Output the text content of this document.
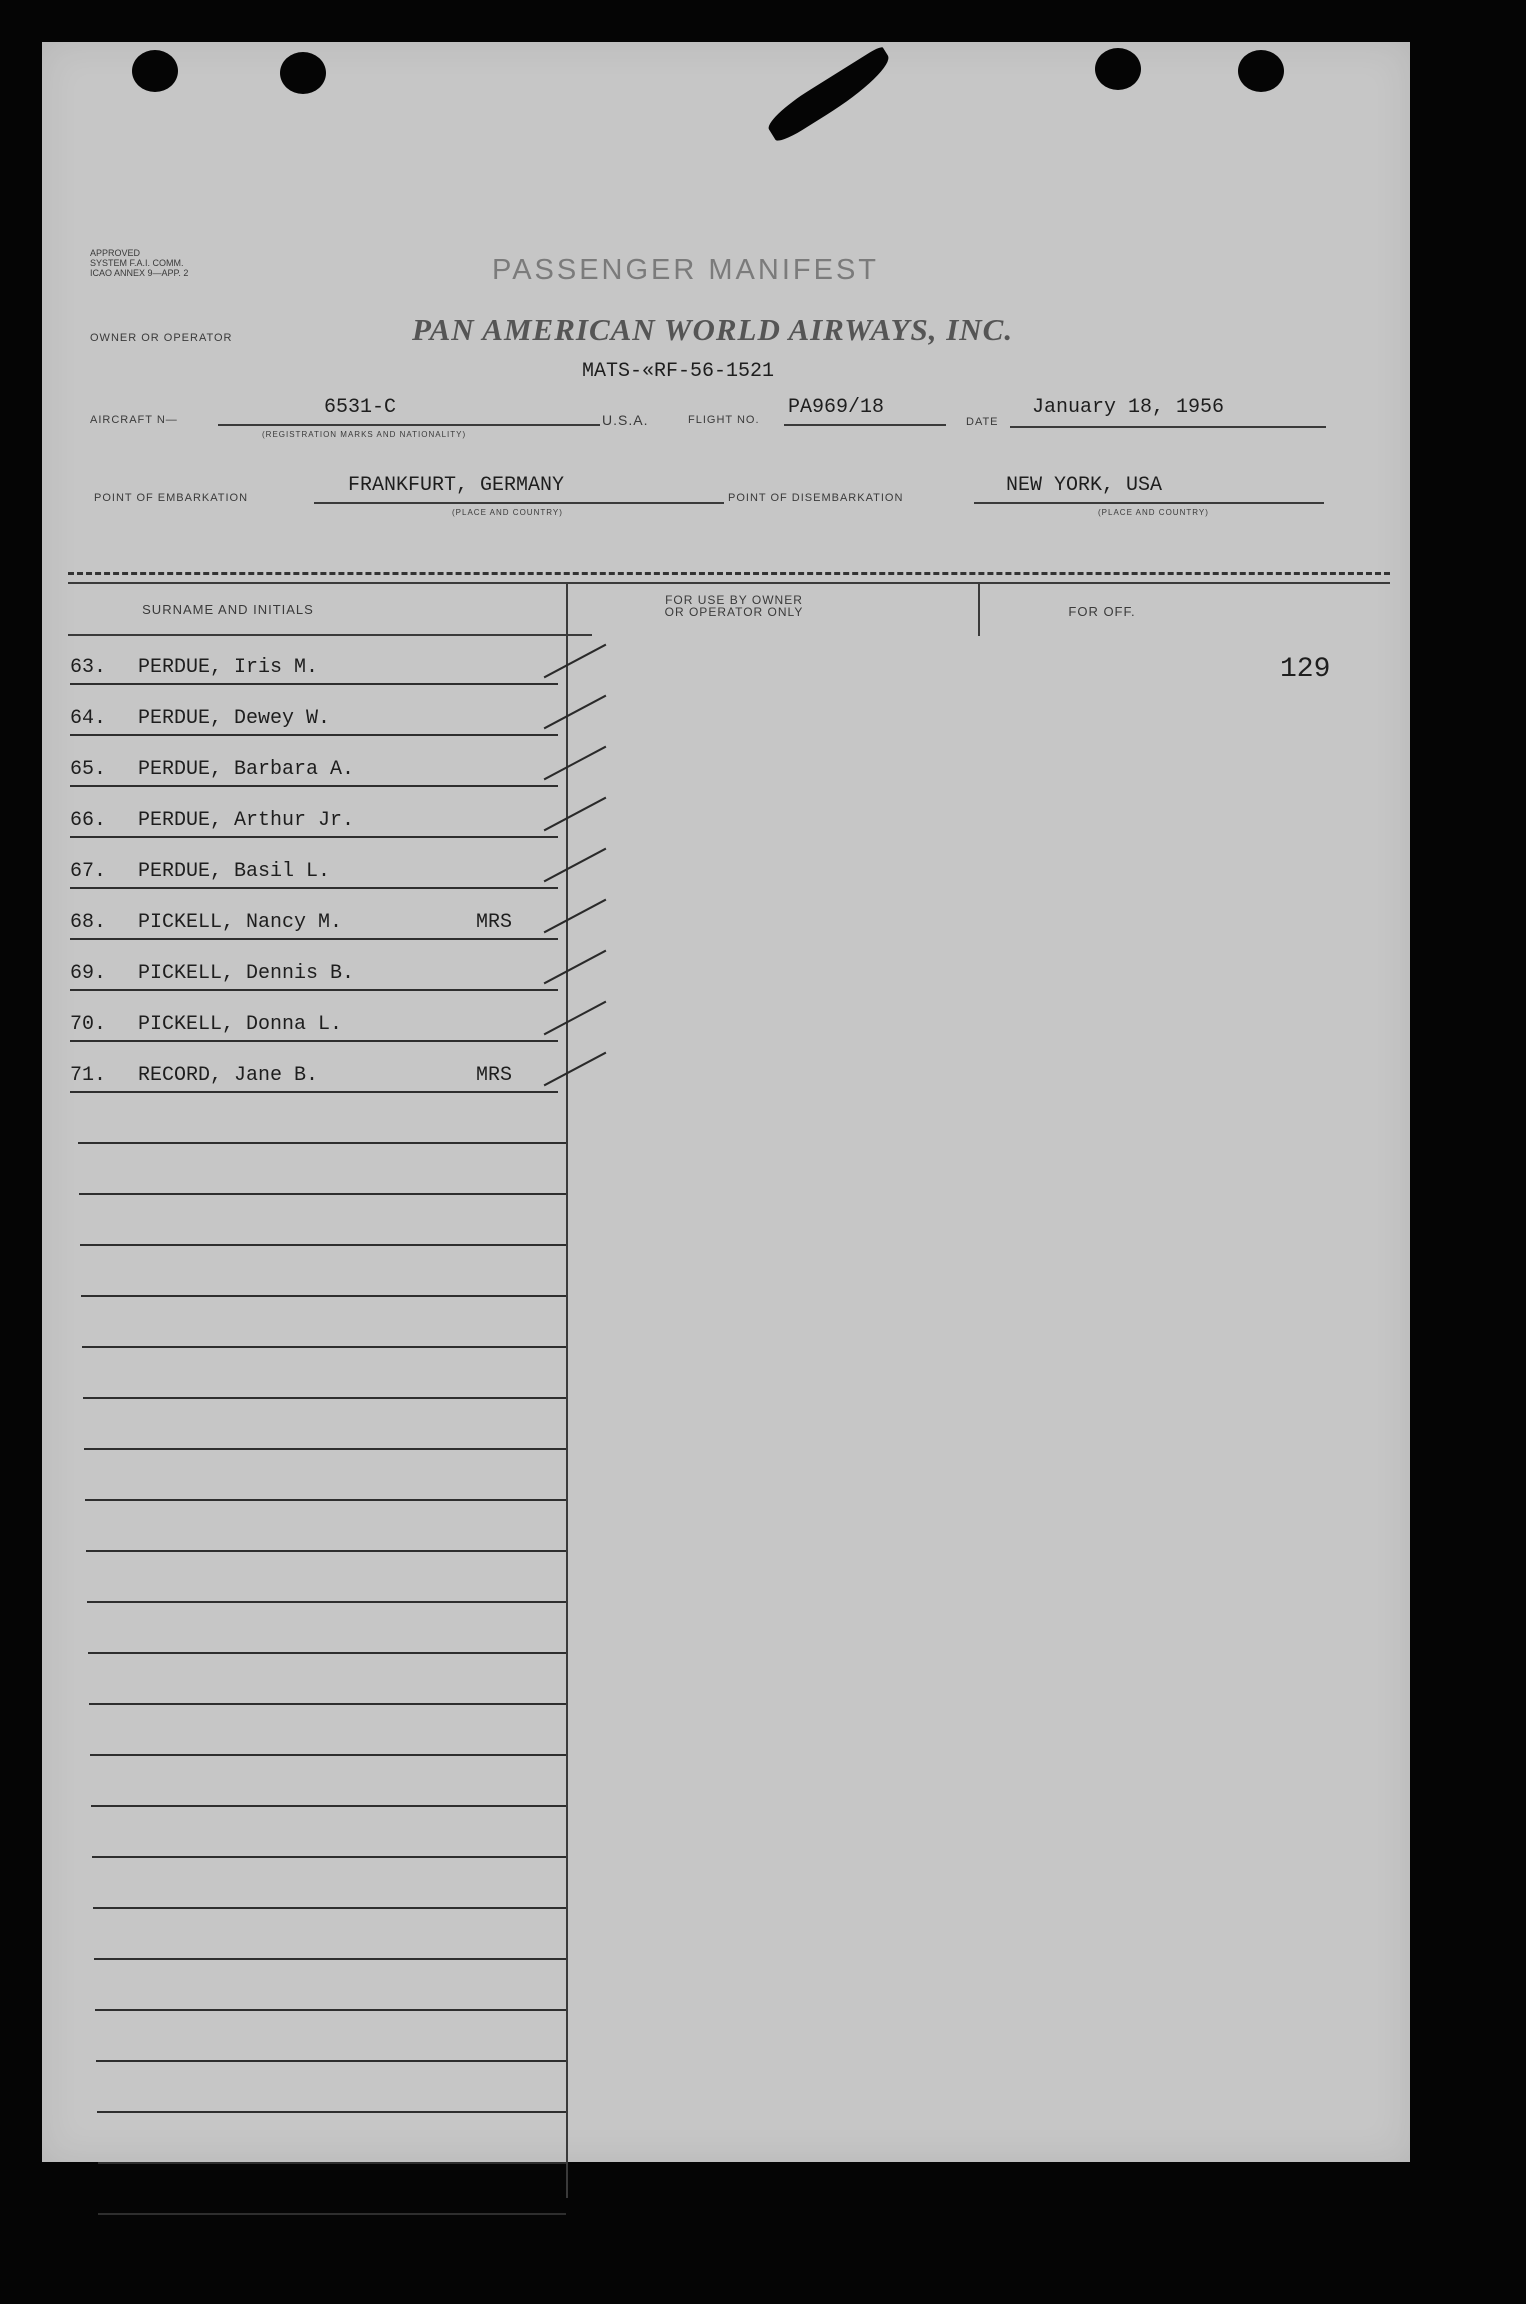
APPROVED
SYSTEM F.A.I. COMM.
ICAO ANNEX 9—APP. 2	PASSENGER MANIFEST
OWNER OR OPERATOR	PAN AMERICAN WORLD AIRWAYS, INC.
MATS-«RF-56-1521
AIRCRAFT N—
6531-C
(REGISTRATION MARKS AND NATIONALITY)
U.S.A.	FLIGHT NO.
PA969/18
DATE
January 18, 1956
POINT OF EMBARKATION
FRANKFURT, GERMANY
(PLACE AND COUNTRY)
POINT OF DISEMBARKATION
NEW YORK, USA
(PLACE AND COUNTRY)
SURNAME AND INITIALS
FOR USE BY OWNER OR OPERATOR ONLY	FOR OFF.
129
63. PERDUE, Iris M.
64. PERDUE, Dewey W.
65. PERDUE, Barbara A.
66. PERDUE, Arthur Jr.
67. PERDUE, Basil L.
68. PICKELL, Nancy M.	MRS
69. PICKELL, Dennis B.
70. PICKELL, Donna L.
71. RECORD, Jane B.	MRS
